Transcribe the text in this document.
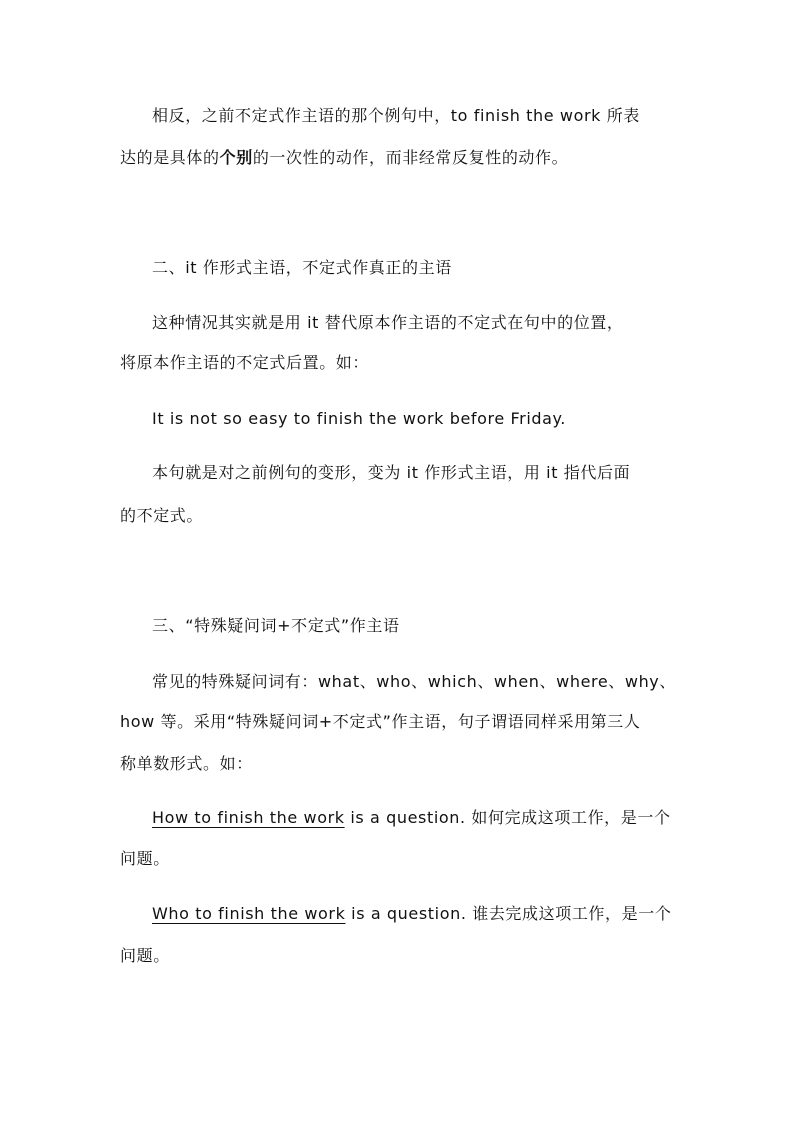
相反，之前不定式作主语的那个例句中，to finish the work 所表
达的是具体的个别的一次性的动作，而非经常反复性的动作。
二、it 作形式主语，不定式作真正的主语
这种情况其实就是用 it 替代原本作主语的不定式在句中的位置，
将原本作主语的不定式后置。如：
It is not so easy to finish the work before Friday.
本句就是对之前例句的变形，变为 it 作形式主语，用 it 指代后面
的不定式。
三、“特殊疑问词+不定式”作主语
常见的特殊疑问词有：what、who、which、when、where、why、
how 等。采用“特殊疑问词+不定式”作主语，句子谓语同样采用第三人
称单数形式。如：
How to finish the work is a question. 如何完成这项工作，是一个
问题。
Who to finish the work is a question. 谁去完成这项工作，是一个
问题。
